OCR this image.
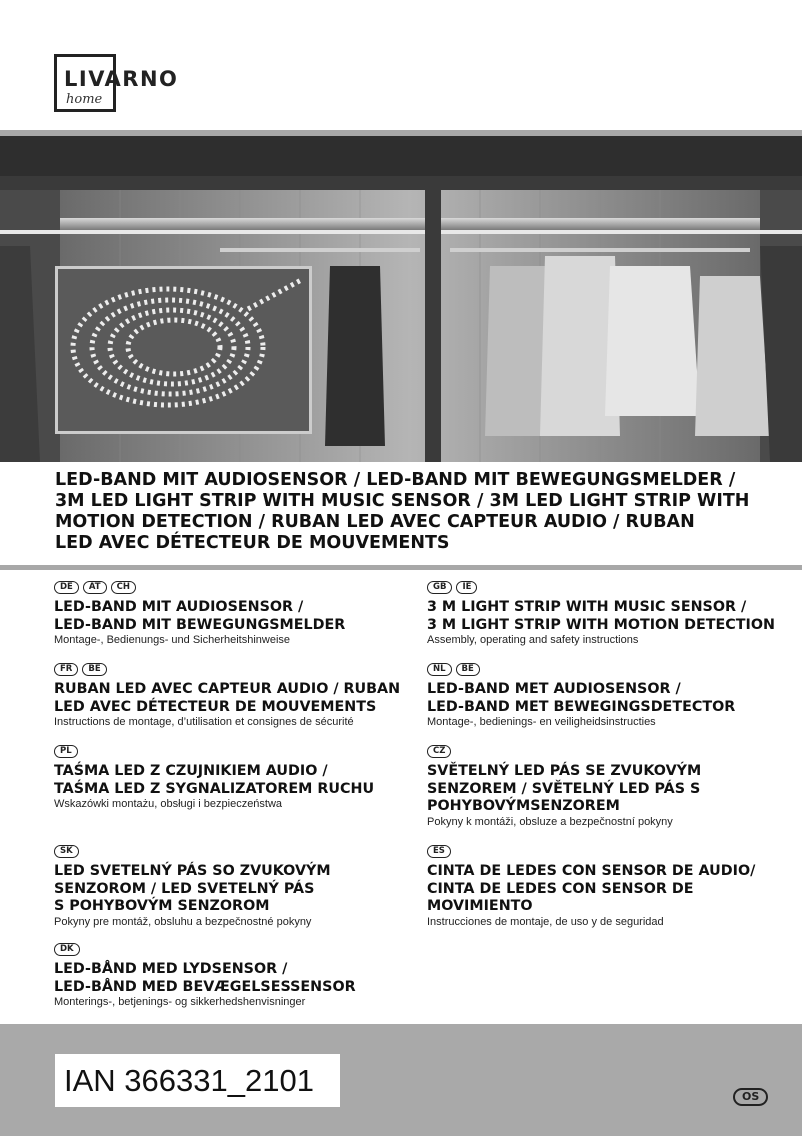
LIVARNO
home
LED-BAND MIT AUDIOSENSOR / LED-BAND MIT BEWEGUNGSMELDER /
3M LED LIGHT STRIP WITH MUSIC SENSOR / 3M LED LIGHT STRIP WITH
MOTION DETECTION / RUBAN LED AVEC CAPTEUR AUDIO / RUBAN
LED AVEC DÉTECTEUR DE MOUVEMENTS
DE	AT	CH
LED-BAND MIT AUDIOSENSOR /
LED-BAND MIT BEWEGUNGSMELDER
Montage-, Bedienungs- und Sicherheitshinweise
GB	IE
3 M LIGHT STRIP WITH MUSIC SENSOR /
3 M LIGHT STRIP WITH MOTION DETECTION
Assembly, operating and safety instructions
FR	BE
RUBAN LED AVEC CAPTEUR AUDIO / RUBAN
LED AVEC DÉTECTEUR DE MOUVEMENTS
Instructions de montage, d’utilisation et consignes de sécurité
NL	BE
LED-BAND MET AUDIOSENSOR /
LED-BAND MET BEWEGINGSDETECTOR
Montage-, bedienings- en veiligheidsinstructies
PL
TAŚMA LED Z CZUJNIKIEM AUDIO /
TAŚMA LED Z SYGNALIZATOREM RUCHU
Wskazówki montażu, obsługi i bezpieczeństwa
CZ
SVĚTELNÝ LED PÁS SE ZVUKOVÝM
SENZOREM / SVĚTELNÝ LED PÁS S
POHYBOVÝMSENZOREM
Pokyny k montáži, obsluze a bezpečnostní pokyny
SK
LED SVETELNÝ PÁS SO ZVUKOVÝM
SENZOROM / LED SVETELNÝ PÁS
S POHYBOVÝM SENZOROM
Pokyny pre montáž, obsluhu a bezpečnostné pokyny
ES
CINTA DE LEDES CON SENSOR DE AUDIO/
CINTA DE LEDES CON SENSOR DE
MOVIMIENTO
Instrucciones de montaje, de uso y de seguridad
DK
LED-BÅND MED LYDSENSOR /
LED-BÅND MED BEVÆGELSESSENSOR
Monterings-, betjenings- og sikkerhedshenvisninger
IAN 366331_2101	OS
